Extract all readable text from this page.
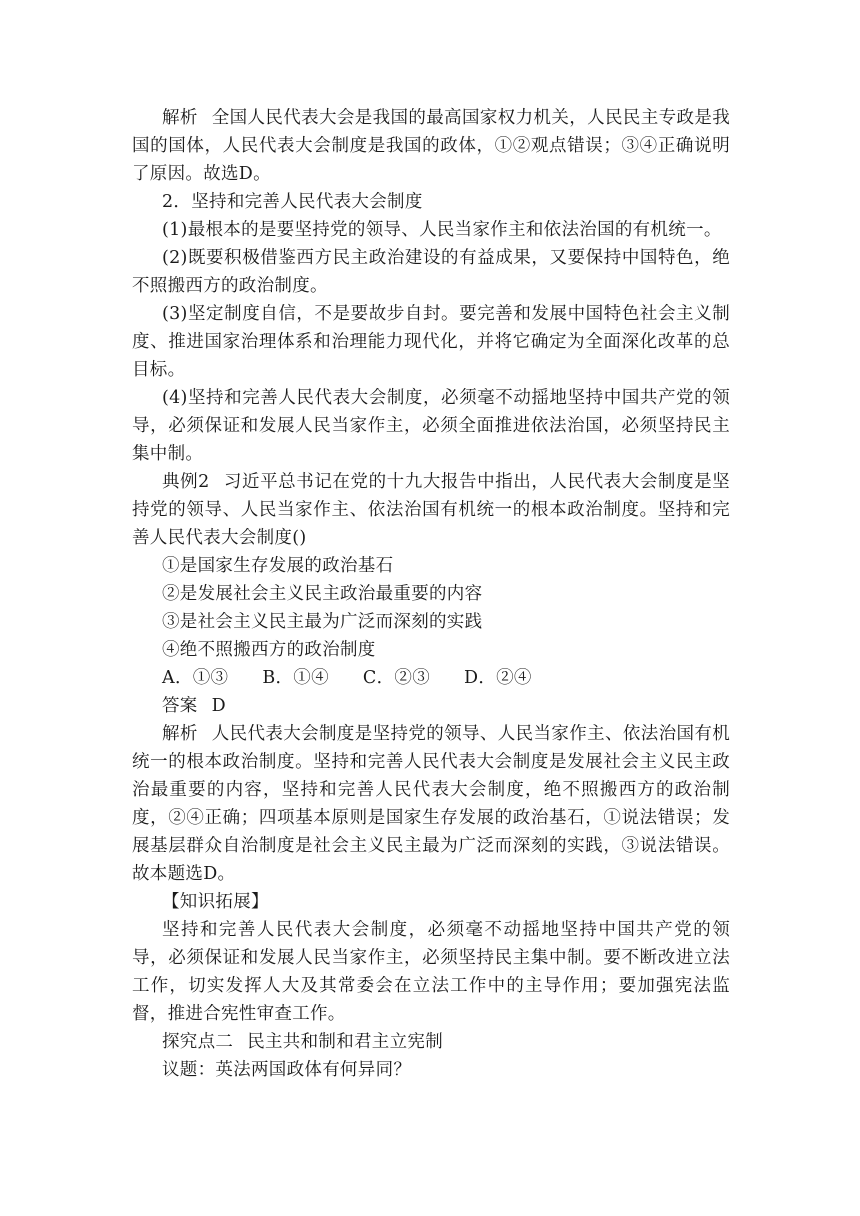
解析 全国人民代表大会是我国的最高国家权力机关，人民民主专政是我国的国体，人民代表大会制度是我国的政体，①②观点错误；③④正确说明了原因。故选D。

2．坚持和完善人民代表大会制度

(1)最根本的是要坚持党的领导、人民当家作主和依法治国的有机统一。

(2)既要积极借鉴西方民主政治建设的有益成果，又要保持中国特色，绝不照搬西方的政治制度。

(3)坚定制度自信，不是要故步自封。要完善和发展中国特色社会主义制度、推进国家治理体系和治理能力现代化，并将它确定为全面深化改革的总目标。

(4)坚持和完善人民代表大会制度，必须毫不动摇地坚持中国共产党的领导，必须保证和发展人民当家作主，必须全面推进依法治国，必须坚持民主集中制。

典例2 习近平总书记在党的十九大报告中指出，人民代表大会制度是坚持党的领导、人民当家作主、依法治国有机统一的根本政治制度。坚持和完善人民代表大会制度()

①是国家生存发展的政治基石

②是发展社会主义民主政治最重要的内容

③是社会主义民主最为广泛而深刻的实践

④绝不照搬西方的政治制度

A．①③ B．①④ C．②③ D．②④

答案 D

解析 人民代表大会制度是坚持党的领导、人民当家作主、依法治国有机统一的根本政治制度。坚持和完善人民代表大会制度是发展社会主义民主政治最重要的内容，坚持和完善人民代表大会制度，绝不照搬西方的政治制度，②④正确；四项基本原则是国家生存发展的政治基石，①说法错误；发展基层群众自治制度是社会主义民主最为广泛而深刻的实践，③说法错误。故本题选D。

【知识拓展】

坚持和完善人民代表大会制度，必须毫不动摇地坚持中国共产党的领导，必须保证和发展人民当家作主，必须坚持民主集中制。要不断改进立法工作，切实发挥人大及其常委会在立法工作中的主导作用；要加强宪法监督，推进合宪性审查工作。

探究点二 民主共和制和君主立宪制

议题：英法两国政体有何异同？
